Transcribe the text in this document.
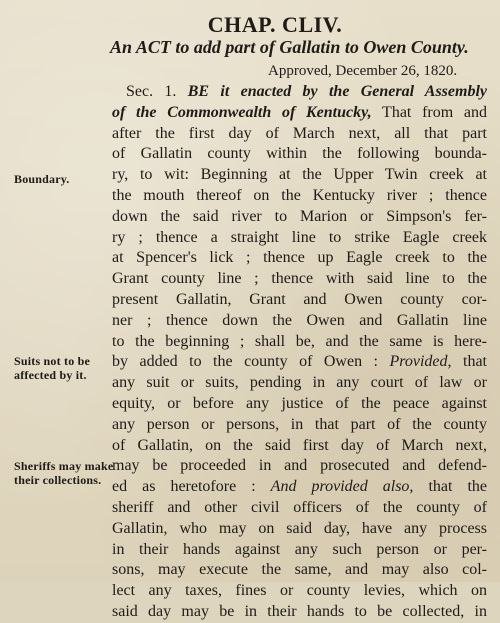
CHAP. CLIV.
An ACT to add part of Gallatin to Owen County.
Approved, December 26, 1820.
Boundary.
Suits not to be affected by it.
Sheriffs may make their collections.
Sec. 1. BE it enacted by the General Assembly
of the Commonwealth of Kentucky, That from and
after the first day of March next, all that part
of Gallatin county within the following bounda-
ry, to wit: Beginning at the Upper Twin creek at
the mouth thereof on the Kentucky river ; thence
down the said river to Marion or Simpson's fer-
ry ; thence a straight line to strike Eagle creek
at Spencer's lick ; thence up Eagle creek to the
Grant county line ; thence with said line to the
present Gallatin, Grant and Owen county cor-
ner ; thence down the Owen and Gallatin line
to the beginning ; shall be, and the same is here-
by added to the county of Owen : Provided, that
any suit or suits, pending in any court of law or
equity, or before any justice of the peace against
any person or persons, in that part of the county
of Gallatin, on the said first day of March next,
may be proceeded in and prosecuted and defend-
ed as heretofore : And provided also, that the
sheriff and other civil officers of the county of
Gallatin, who may on said day, have any process
in their hands against any such person or per-
sons, may execute the same, and may also col-
lect any taxes, fines or county levies, which on
said day may be in their hands to be collected, in
